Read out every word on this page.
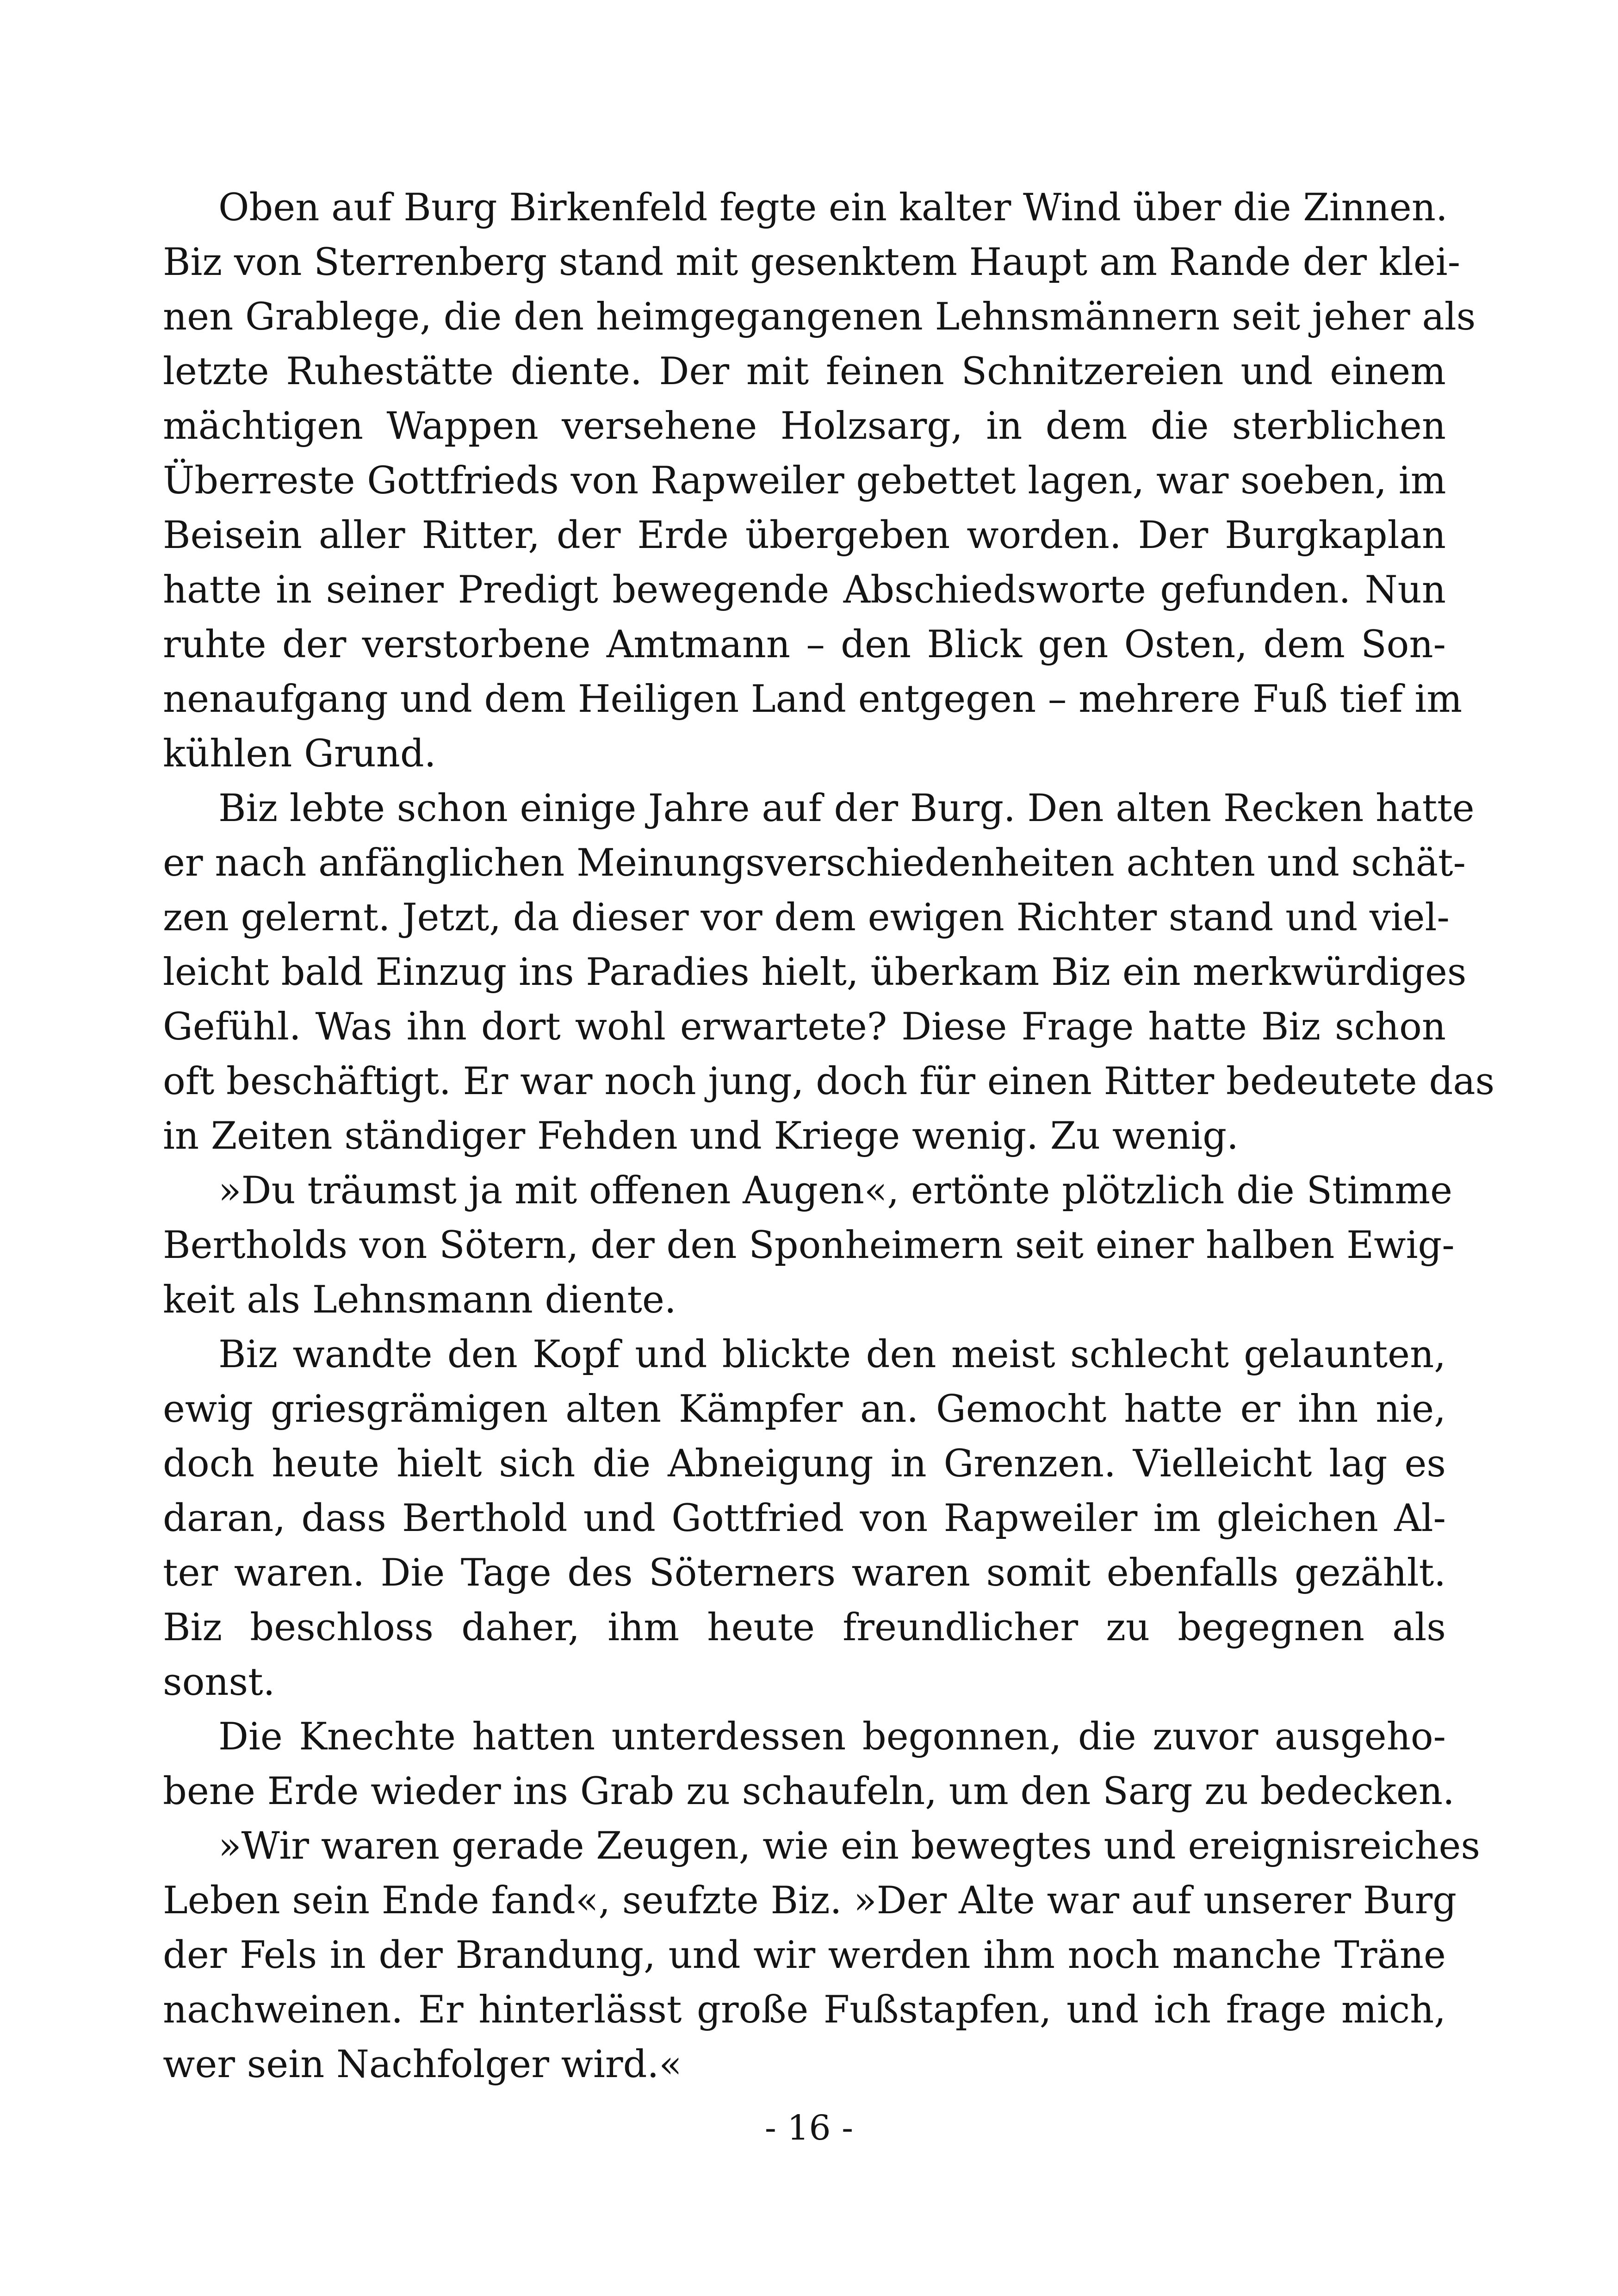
Oben auf Burg Birkenfeld fegte ein kalter Wind über die Zinnen.
Biz von Sterrenberg stand mit gesenktem Haupt am Rande der klei-
nen Grablege, die den heimgegangenen Lehnsmännern seit jeher als
letzte Ruhestätte diente. Der mit feinen Schnitzereien und einem
mächtigen Wappen versehene Holzsarg, in dem die sterblichen
Überreste Gottfrieds von Rapweiler gebettet lagen, war soeben, im
Beisein aller Ritter, der Erde übergeben worden. Der Burgkaplan
hatte in seiner Predigt bewegende Abschiedsworte gefunden. Nun
ruhte der verstorbene Amtmann – den Blick gen Osten, dem Son-
nenaufgang und dem Heiligen Land entgegen – mehrere Fuß tief im
kühlen Grund.
Biz lebte schon einige Jahre auf der Burg. Den alten Recken hatte
er nach anfänglichen Meinungsverschiedenheiten achten und schät-
zen gelernt. Jetzt, da dieser vor dem ewigen Richter stand und viel-
leicht bald Einzug ins Paradies hielt, überkam Biz ein merkwürdiges
Gefühl. Was ihn dort wohl erwartete? Diese Frage hatte Biz schon
oft beschäftigt. Er war noch jung, doch für einen Ritter bedeutete das
in Zeiten ständiger Fehden und Kriege wenig. Zu wenig.
»Du träumst ja mit offenen Augen«, ertönte plötzlich die Stimme
Bertholds von Sötern, der den Sponheimern seit einer halben Ewig-
keit als Lehnsmann diente.
Biz wandte den Kopf und blickte den meist schlecht gelaunten,
ewig griesgrämigen alten Kämpfer an. Gemocht hatte er ihn nie,
doch heute hielt sich die Abneigung in Grenzen. Vielleicht lag es
daran, dass Berthold und Gottfried von Rapweiler im gleichen Al-
ter waren. Die Tage des Söterners waren somit ebenfalls gezählt.
Biz beschloss daher, ihm heute freundlicher zu begegnen als
sonst.
Die Knechte hatten unterdessen begonnen, die zuvor ausgeho-
bene Erde wieder ins Grab zu schaufeln, um den Sarg zu bedecken.
»Wir waren gerade Zeugen, wie ein bewegtes und ereignisreiches
Leben sein Ende fand«, seufzte Biz. »Der Alte war auf unserer Burg
der Fels in der Brandung, und wir werden ihm noch manche Träne
nachweinen. Er hinterlässt große Fußstapfen, und ich frage mich,
wer sein Nachfolger wird.«
- 16 -
